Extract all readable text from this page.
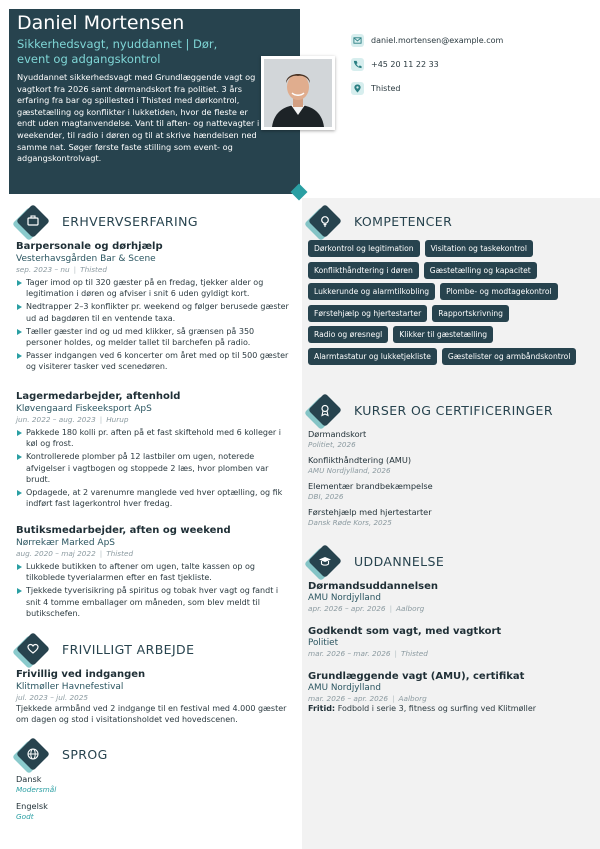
Daniel Mortensen
Sikkerhedsvagt, nyuddannet | Dør, event og adgangskontrol
Nyuddannet sikkerhedsvagt med Grundlæggende vagt og vagtkort fra 2026 samt dørmandskort fra politiet. 3 års erfaring fra bar og spillested i Thisted med dørkontrol, gæstetælling og konflikter i lukketiden, hvor de fleste er endt uden magtanvendelse. Vant til aften- og nattevagter i weekender, til radio i døren og til at skrive hændelsen ned samme nat. Søger første faste stilling som event- og adgangskontrolvagt.
daniel.mortensen@example.com
+45 20 11 22 33
Thisted
ERHVERVSERFARING
Barpersonale og dørhjælp
Vesterhavsgården Bar & Scene
sep. 2023 – nu | Thisted
Tager imod op til 320 gæster på en fredag, tjekker alder og legitimation i døren og afviser i snit 6 uden gyldigt kort.
Nedtrapper 2–3 konflikter pr. weekend og følger berusede gæster ud ad bagdøren til en ventende taxa.
Tæller gæster ind og ud med klikker, så grænsen på 350 personer holdes, og melder tallet til barchefen på radio.
Passer indgangen ved 6 koncerter om året med op til 500 gæster og visiterer tasker ved scenedøren.
Lagermedarbejder, aftenhold
Kløvengaard Fiskeeksport ApS
jun. 2022 – aug. 2023 | Hurup
Pakkede 180 kolli pr. aften på et fast skiftehold med 6 kolleger i køl og frost.
Kontrollerede plomber på 12 lastbiler om ugen, noterede afvigelser i vagtbogen og stoppede 2 læs, hvor plomben var brudt.
Opdagede, at 2 varenumre manglede ved hver optælling, og fik indført fast lagerkontrol hver fredag.
Butiksmedarbejder, aften og weekend
Nørrekær Marked ApS
aug. 2020 – maj 2022 | Thisted
Lukkede butikken to aftener om ugen, talte kassen op og tilkoblede tyverialarmen efter en fast tjekliste.
Tjekkede tyverisikring på spiritus og tobak hver vagt og fandt i snit 4 tomme emballager om måneden, som blev meldt til butikschefen.
FRIVILLIGT ARBEJDE
Frivillig ved indgangen
Klitmøller Havnefestival
jul. 2023 – jul. 2025
Tjekkede armbånd ved 2 indgange til en festival med 4.000 gæster om dagen og stod i visitationsholdet ved hovedscenen.
SPROG
Dansk
Modersmål
Engelsk
Godt
KOMPETENCER
Dørkontrol og legitimation	Visitation og taskekontrol
Konflikthåndtering i døren	Gæstetælling og kapacitet
Lukkerunde og alarmtilkobling	Plombe- og modtagekontrol
Førstehjælp og hjertestarter	Rapportskrivning
Radio og øresnegl	Klikker til gæstetælling
Alarmtastatur og lukketjekliste	Gæstelister og armbåndskontrol
KURSER OG CERTIFICERINGER
Dørmandskort
Politiet, 2026
Konflikthåndtering (AMU)
AMU Nordjylland, 2026
Elementær brandbekæmpelse
DBI, 2026
Førstehjælp med hjertestarter
Dansk Røde Kors, 2025
UDDANNELSE
Dørmandsuddannelsen
AMU Nordjylland
apr. 2026 – apr. 2026 | Aalborg
Godkendt som vagt, med vagtkort
Politiet
mar. 2026 – mar. 2026 | Thisted
Grundlæggende vagt (AMU), certifikat
AMU Nordjylland
mar. 2026 – apr. 2026 | Aalborg
Fritid: Fodbold i serie 3, fitness og surfing ved Klitmøller
